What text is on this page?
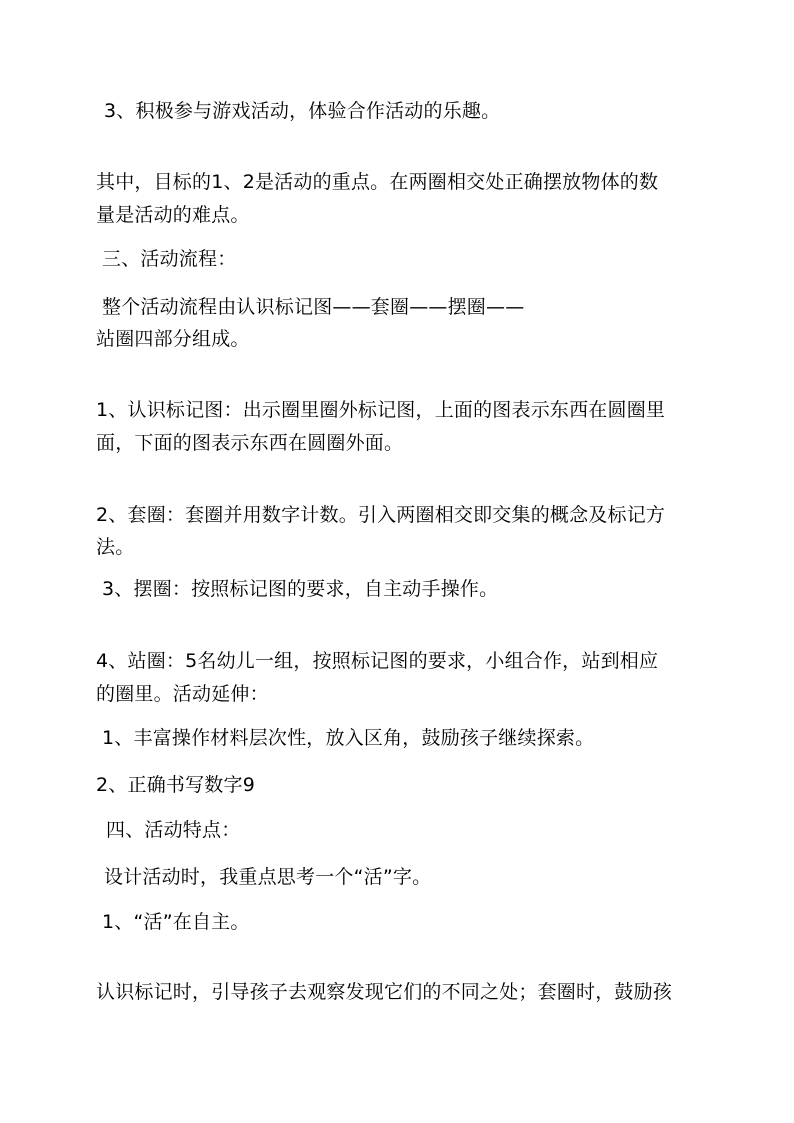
3、积极参与游戏活动，体验合作活动的乐趣。
其中，目标的1、2是活动的重点。在两圈相交处正确摆放物体的数
量是活动的难点。
三、活动流程：
整个活动流程由认识标记图——套圈——摆圈——
站圈四部分组成。
1、认识标记图：出示圈里圈外标记图，上面的图表示东西在圆圈里
面，下面的图表示东西在圆圈外面。
2、套圈：套圈并用数字计数。引入两圈相交即交集的概念及标记方
法。
3、摆圈：按照标记图的要求，自主动手操作。
4、站圈：5名幼儿一组，按照标记图的要求，小组合作，站到相应
的圈里。活动延伸：
1、丰富操作材料层次性，放入区角，鼓励孩子继续探索。
2、正确书写数字9
四、活动特点：
设计活动时，我重点思考一个“活”字。
1、“活”在自主。
认识标记时，引导孩子去观察发现它们的不同之处；套圈时，鼓励孩
